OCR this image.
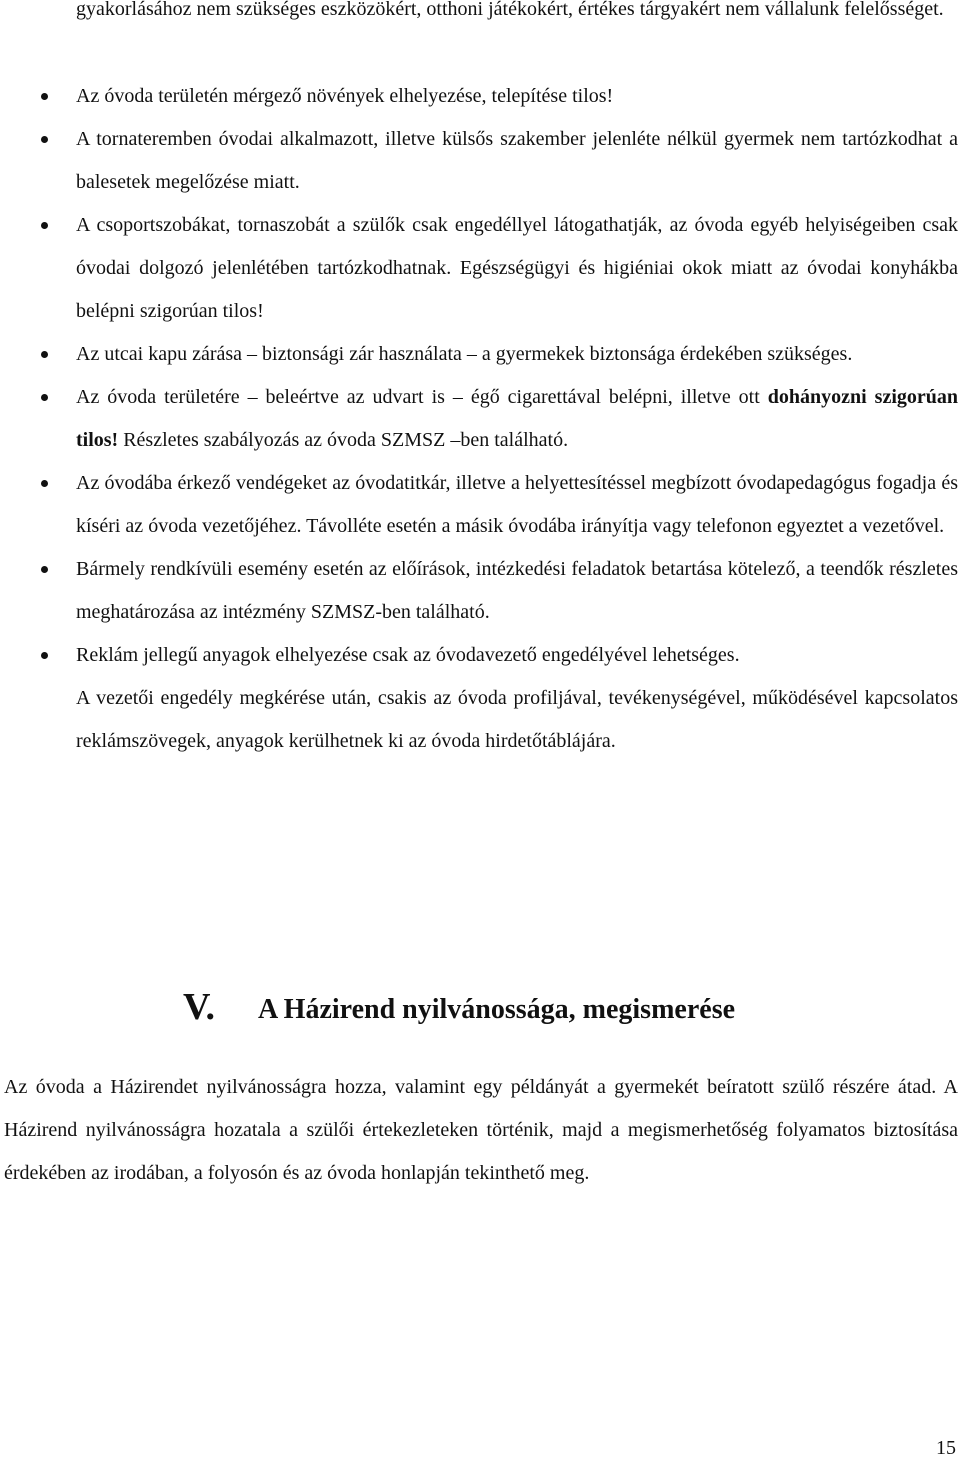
gyakorlásához nem szükséges eszközökért, otthoni játékokért, értékes tárgyakért nem vállalunk felelősséget.
Az óvoda területén mérgező növények elhelyezése, telepítése tilos!
A tornateremben óvodai alkalmazott, illetve külsős szakember jelenléte nélkül gyermek nem tartózkodhat a balesetek megelőzése miatt.
A csoportszobákat, tornaszobát a szülők csak engedéllyel látogathatják, az óvoda egyéb helyiségeiben csak óvodai dolgozó jelenlétében tartózkodhatnak. Egészségügyi és higiéniai okok miatt az óvodai konyhákba belépni szigorúan tilos!
Az utcai kapu zárása – biztonsági zár használata – a gyermekek biztonsága érdekében szükséges.
Az óvoda területére – beleértve az udvart is – égő cigarettával belépni, illetve ott dohányozni szigorúan tilos! Részletes szabályozás az óvoda SZMSZ –ben található.
Az óvodába érkező vendégeket az óvodatitkár, illetve a helyettesítéssel megbízott óvodapedagógus fogadja és kíséri az óvoda vezetőjéhez. Távolléte esetén a másik óvodába irányítja vagy telefonon egyeztet a vezetővel.
Bármely rendkívüli esemény esetén az előírások, intézkedési feladatok betartása kötelező, a teendők részletes meghatározása az intézmény SZMSZ-ben található.
Reklám jellegű anyagok elhelyezése csak az óvodavezető engedélyével lehetséges.
A vezetői engedély megkérése után, csakis az óvoda profiljával, tevékenységével, működésével kapcsolatos reklámszövegek, anyagok kerülhetnek ki az óvoda hirdetőtáblájára.
V. A Házirend nyilvánossága, megismerése

Az óvoda a Házirendet nyilvánosságra hozza, valamint egy példányát a gyermekét beíratott szülő részére átad. A Házirend nyilvánosságra hozatala a szülői értekezleteken történik, majd a megismerhetőség folyamatos biztosítása érdekében az irodában, a folyosón és az óvoda honlapján tekinthető meg.

15
